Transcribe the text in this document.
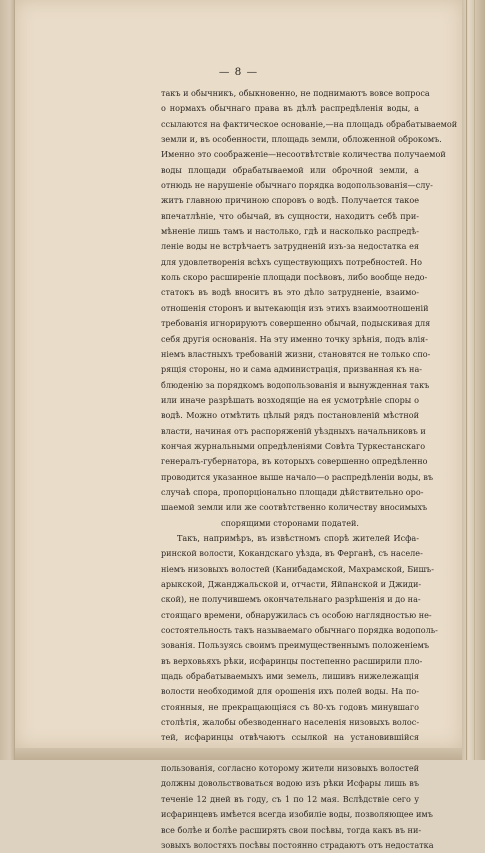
— 8 —

такъ и обычникъ, обыкновенно, не поднимаютъ вовсе вопроса
о нормахъ обычнаго права въ дѣлѣ распредѣленія воды, а
ссылаются на фактическое основаніе,—на площадь обрабатываемой
земли и, въ особенности, площадь земли, обложенной оброкомъ.
Именно это соображеніе—несоотвѣтствіе количества получаемой
воды площади обрабатываемой или оброчной земли, а
отнюдь не нарушеніе обычнаго порядка водопользованія—слу-
житъ главною причиною споровъ о водѣ. Получается такое
впечатлѣніе, что обычай, въ сущности, находитъ себѣ при-
мѣненіе лишь тамъ и настолько, гдѣ и насколько распредѣ-
леніе воды не встрѣчаетъ затрудненій изъ-за недостатка ея
для удовлетворенія всѣхъ существующихъ потребностей. Но
коль скоро расширеніе площади посѣвовъ, либо вообще недо-
статокъ въ водѣ вноситъ въ это дѣло затрудненіе, взаимо-
отношенія сторонъ и вытекающія изъ этихъ взаимоотношеній
требованія игнорируютъ совершенно обычай, подыскивая для
себя другія основанія. На эту именно точку зрѣнія, подъ влія-
ніемъ властныхъ требованій жизни, становятся не только спо-
рящія стороны, но и сама администрація, призванная къ на-
блюденію за порядкомъ водопользованія и вынужденная такъ
или иначе разрѣшать возходящіе на ея усмотрѣніе споры о
водѣ. Можно отмѣтить цѣлый рядъ постановленій мѣстной
власти, начиная отъ распоряженій уѣздныхъ начальниковъ и
кончая журнальными опредѣленіями Совѣта Туркестанскаго
генералъ-губернатора, въ которыхъ совершенно опредѣленно
проводится указанное выше начало—о распредѣленіи воды, въ
случаѣ спора, пропорціонально площади дѣйствительно оро-
шаемой земли или же соотвѣтственно количеству вносимыхъ
спорящими сторонами податей.

Такъ, напримѣръ, въ извѣстномъ спорѣ жителей Исфа-
ринской волости, Кокандскаго уѣзда, въ Ферганѣ, съ населе-
ніемъ низовыхъ волостей (Канибадамской, Махрамской, Бишъ-
арыкской, Джанджальской и, отчасти, Яйпанской и Джиди-
ской), не получившемъ окончательнаго разрѣшенія и до на-
стоящаго времени, обнаружилась съ особою наглядностью не-
состоятельность такъ называемаго обычнаго порядка водополь-
зованія. Пользуясь своимъ преимущественнымъ положеніемъ
въ верховьяхъ рѣки, исфаринцы постепенно расширили пло-
щадь обрабатываемыхъ ими земель, лишивъ нижележащія
волости необходимой для орошенія ихъ полей воды. На по-
стоянныя, не прекращающіяся съ 80-хъ годовъ минувшаго
столѣтія, жалобы обезводеннаго населенія низовыхъ волос-
тей, исфаринцы отвѣчаютъ ссылкой на установившійся
пользованія, согласно которому жители низовыхъ волостей
должны довольствоваться водою изъ рѣки Исфары лишь въ
теченіе 12 дней въ году, съ 1 по 12 мая. Вслѣдствіе сего у
исфаринцевъ имѣется всегда изобиліе воды, позволяющее имъ
все болѣе и болѣе расширять свои посѣвы, тогда какъ въ ни-
зовыхъ волостяхъ посѣвы постоянно страдаютъ отъ недостатка
